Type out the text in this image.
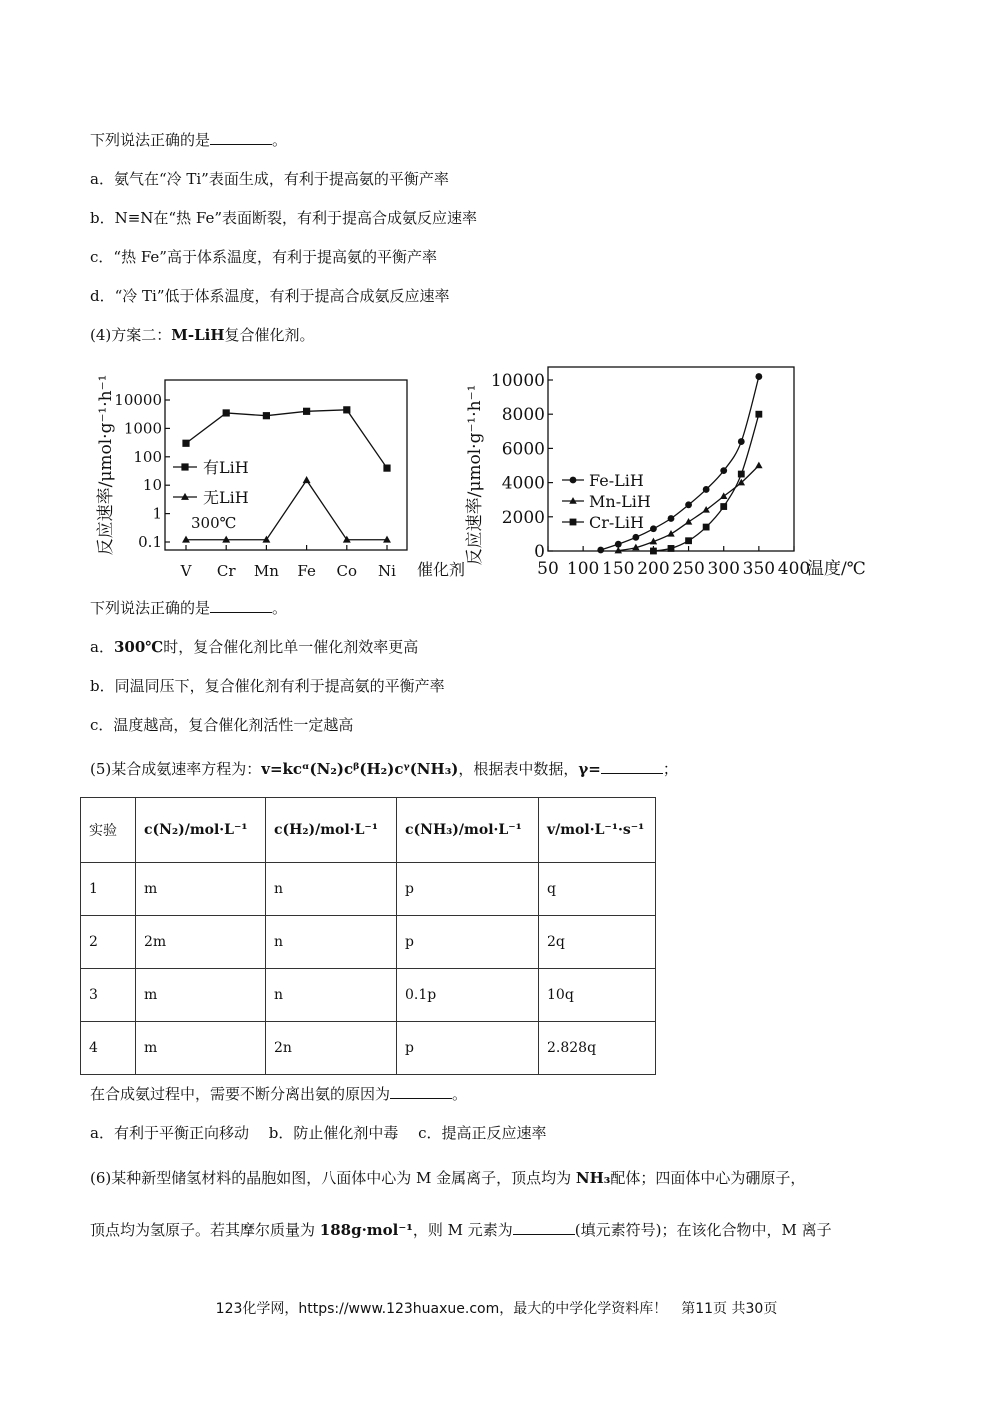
下列说法正确的是	。
a．氨气在“冷 Ti”表面生成，有利于提高氨的平衡产率
b．N≡N在“热 Fe”表面断裂，有利于提高合成氨反应速率
c．“热 Fe”高于体系温度，有利于提高氨的平衡产率
d．“冷 Ti”低于体系温度，有利于提高合成氨反应速率
(4)方案二：M-LiH复合催化剂。
反应速率/μmol·g⁻¹·h⁻¹
催化剂
300℃
0.1
1
10
100
1000
10000
V Cr Mn Fe Co Ni
有LiH
无LiH	反应速率/μmol·g⁻¹·h⁻¹	0
2000
4000
6000
8000
10000
50 100 150 200 250 300 350 400
温度/℃
Fe-LiH
Mn-LiH
Cr-LiH
下列说法正确的是	。
a．300℃时，复合催化剂比单一催化剂效率更高
b．同温同压下，复合催化剂有利于提高氨的平衡产率
c．温度越高，复合催化剂活性一定越高
(5)某合成氨速率方程为：v=kcᵅ(N₂)cᵝ(H₂)cᵞ(NH₃)，根据表中数据，γ=	；
实验	c(N₂)/mol·L⁻¹	c(H₂)/mol·L⁻¹	c(NH₃)/mol·L⁻¹	v/mol·L⁻¹·s⁻¹
1	m	n	p	q
2	2m	n	p	2q
3	m	n	0.1p	10q
4	m	2n	p	2.828q
在合成氨过程中，需要不断分离出氨的原因为	。
a．有利于平衡正向移动　 b．防止催化剂中毒　 c．提高正反应速率
(6)某种新型储氢材料的晶胞如图，八面体中心为 M 金属离子，顶点均为 NH₃配体；四面体中心为硼原子，
顶点均为氢原子。若其摩尔质量为 188g·mol⁻¹，则 M 元素为	(填元素符号)；在该化合物中，M 离子
123化学网，https://www.123huaxue.com，最大的中学化学资料库！　第11页 共30页
